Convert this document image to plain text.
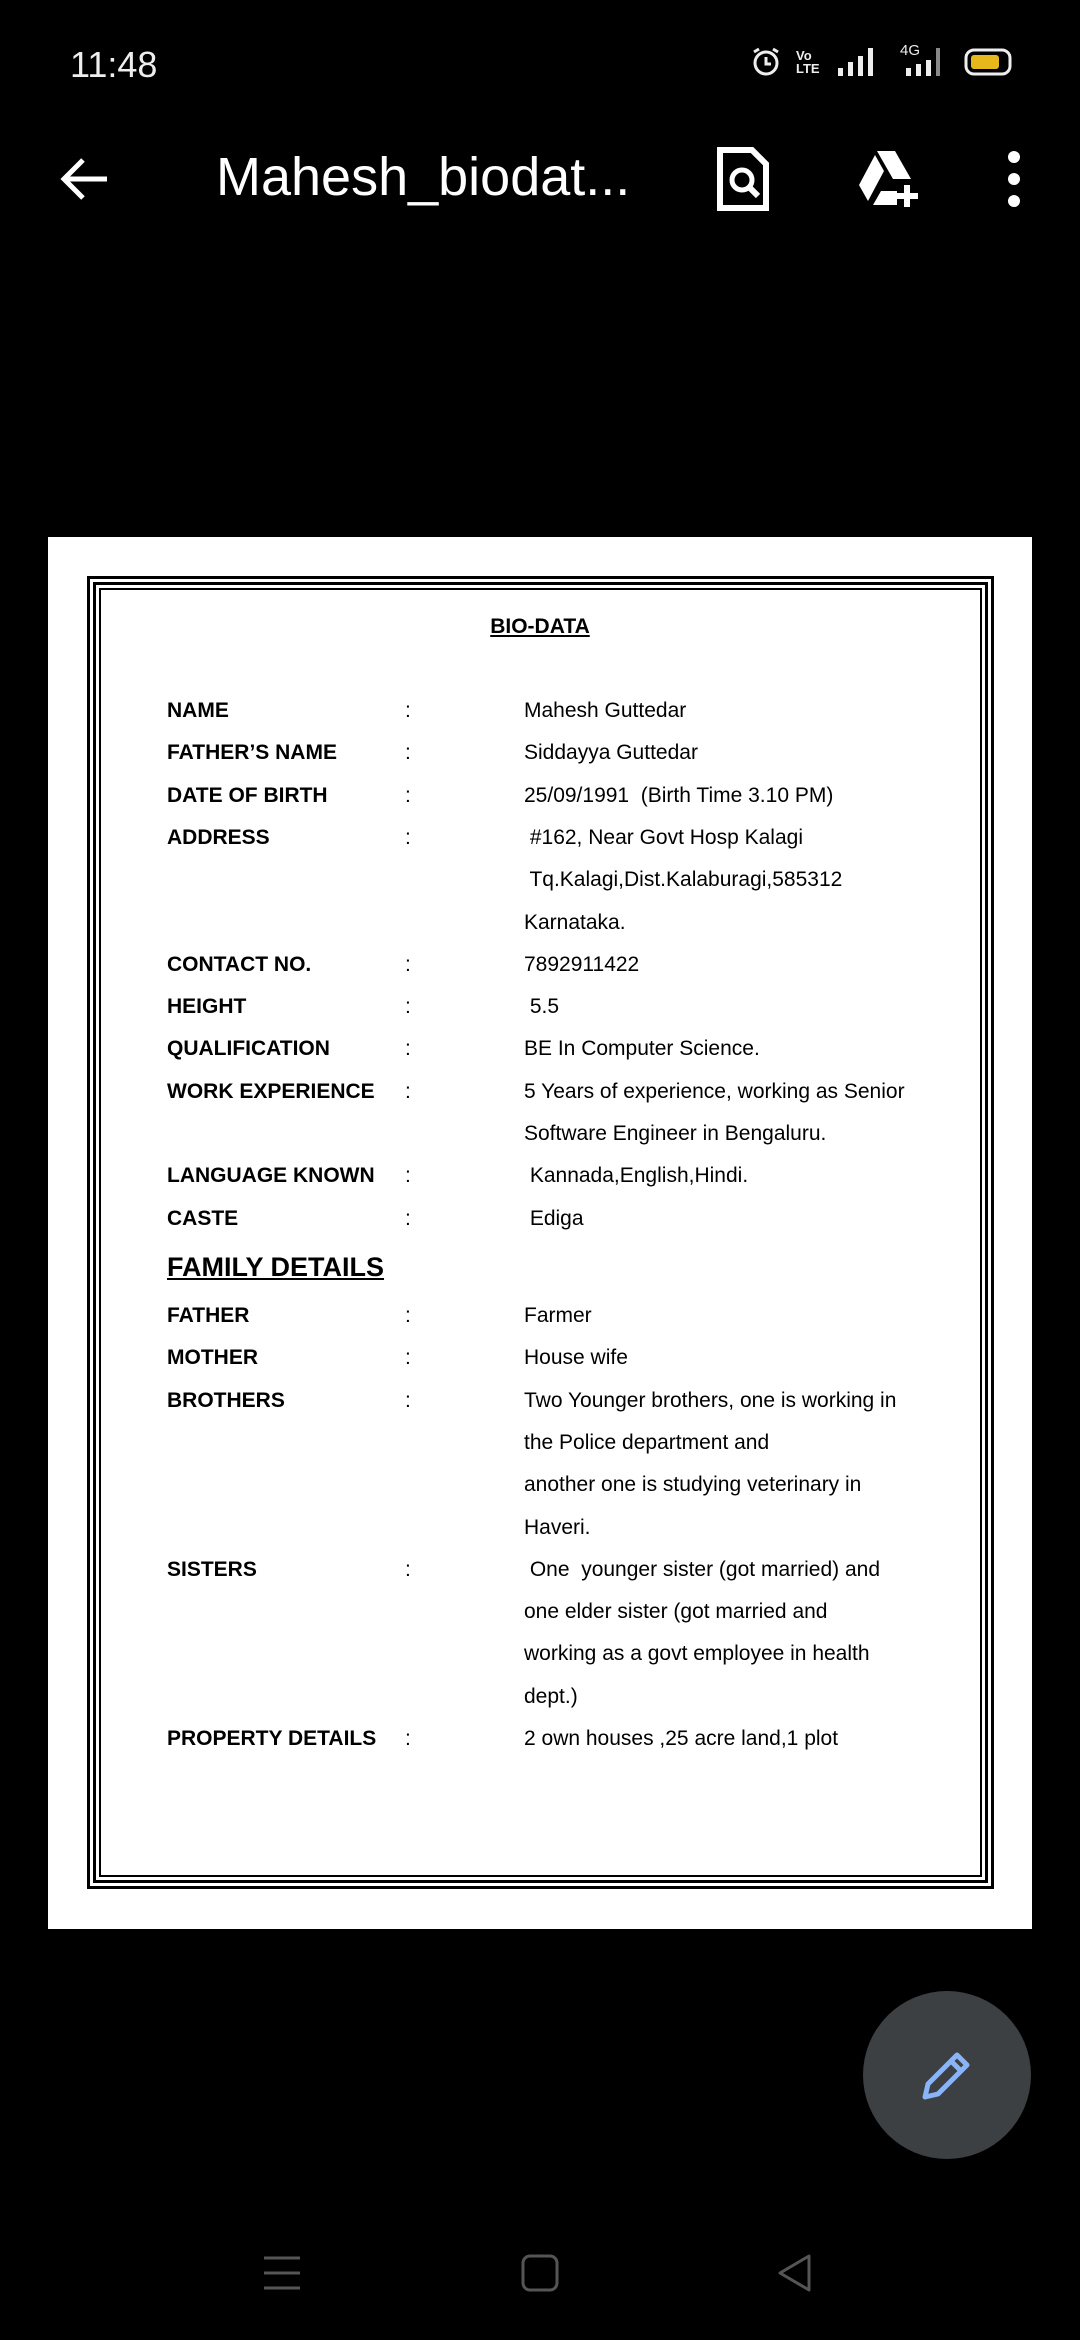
11:48	Vo LTE
4G
Mahesh_biodat...
BIO-DATA
FAMILY DETAILS
NAME	:	Mahesh Guttedar
FATHER’S NAME	:	Siddayya Guttedar
DATE OF BIRTH	:	25/09/1991  (Birth Time 3.10 PM)
ADDRESS	:	#162, Near Govt Hosp Kalagi
Tq.Kalagi,Dist.Kalaburagi,585312
Karnataka.
CONTACT NO.	:	7892911422
HEIGHT	:	5.5
QUALIFICATION	:	BE In Computer Science.
WORK EXPERIENCE :	5 Years of experience, working as Senior
Software Engineer in Bengaluru.
LANGUAGE KNOWN :	Kannada,English,Hindi.
CASTE	:	Ediga
FATHER	:	Farmer
MOTHER	:	House wife
BROTHERS	:	Two Younger brothers, one is working in
the Police department and
another one is studying veterinary in
Haveri.
SISTERS	:	One  younger sister (got married) and
one elder sister (got married and
working as a govt employee in health
dept.)
PROPERTY DETAILS :	2 own houses ,25 acre land,1 plot
